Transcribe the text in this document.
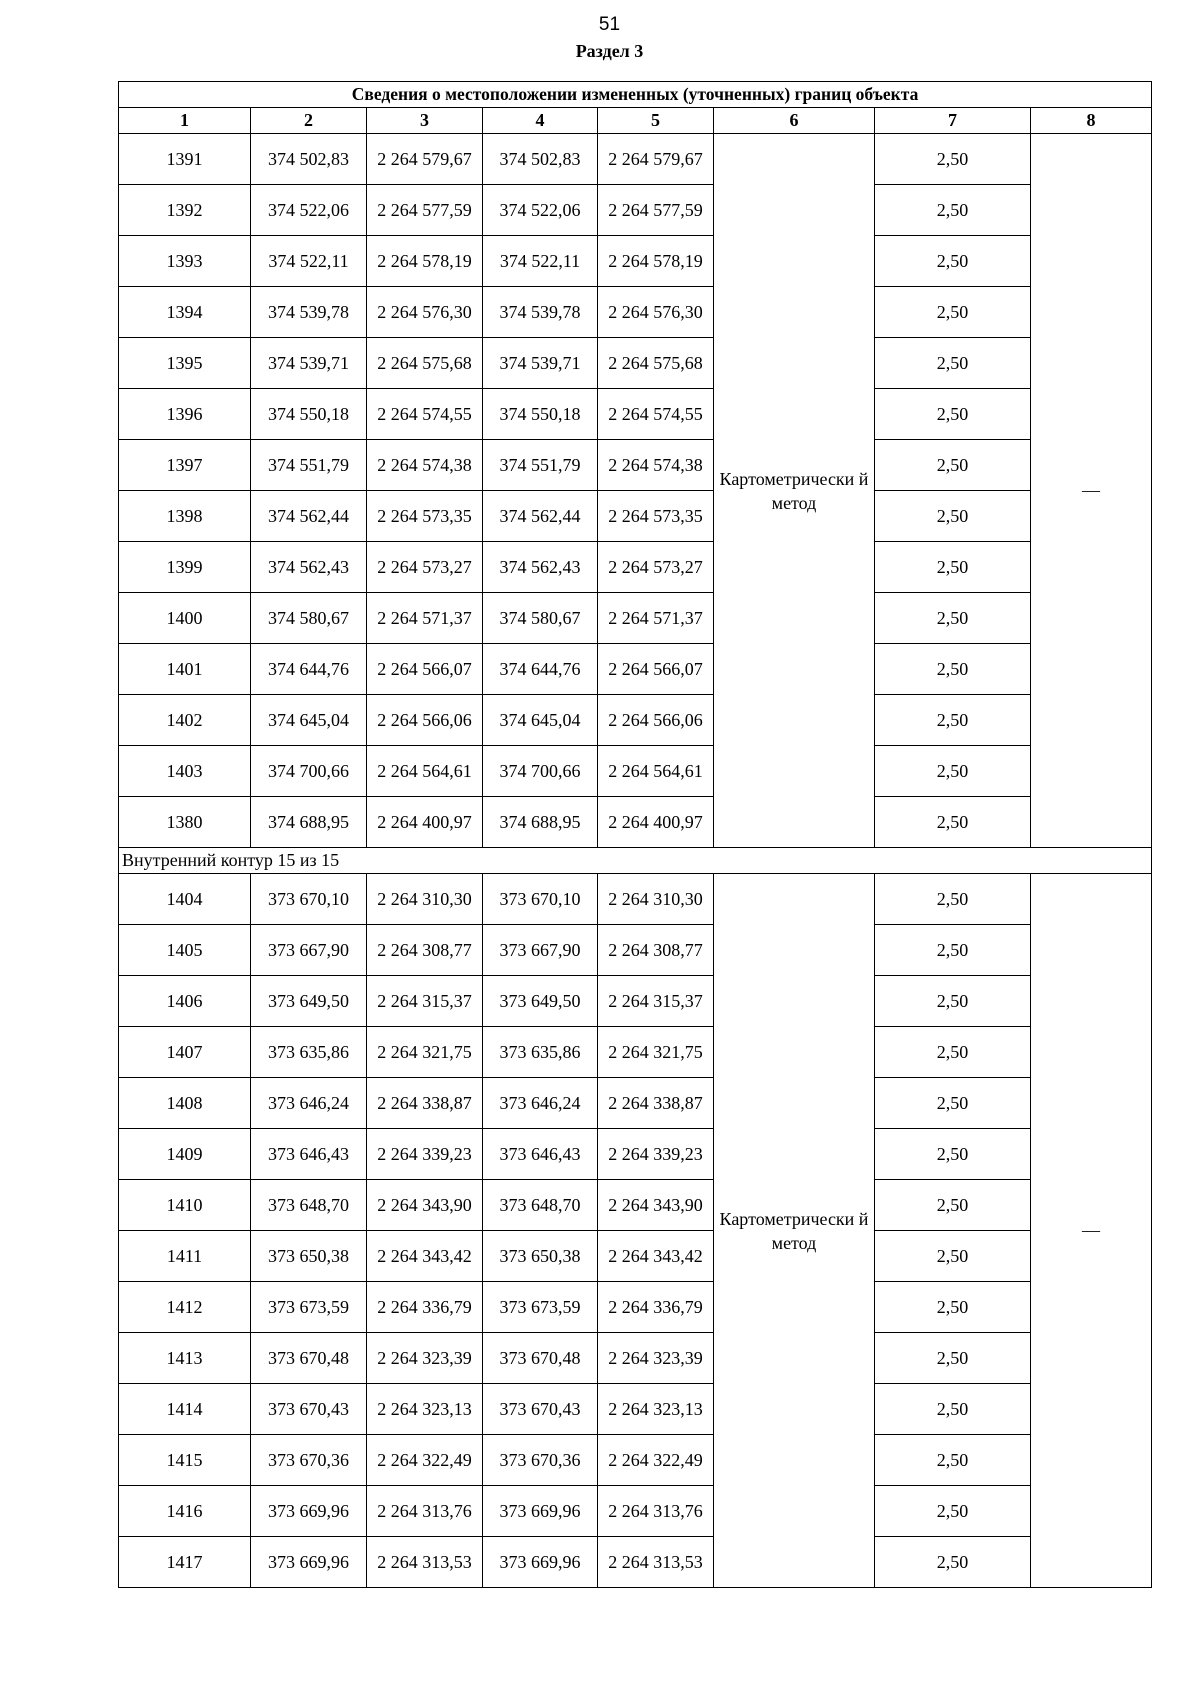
51
Раздел 3
Сведения о местоположении измененных (уточненных) границ объекта							
1	2	3	4	5	6	7	8
1391	374 502,83	2 264 579,67	374 502,83	2 264 579,67	Картометрически й метод	2,50	—
1392	374 522,06	2 264 577,59	374 522,06	2 264 577,59		2,50	
1393	374 522,11	2 264 578,19	374 522,11	2 264 578,19		2,50	
1394	374 539,78	2 264 576,30	374 539,78	2 264 576,30		2,50	
1395	374 539,71	2 264 575,68	374 539,71	2 264 575,68		2,50	
1396	374 550,18	2 264 574,55	374 550,18	2 264 574,55		2,50	
1397	374 551,79	2 264 574,38	374 551,79	2 264 574,38		2,50	
1398	374 562,44	2 264 573,35	374 562,44	2 264 573,35		2,50	
1399	374 562,43	2 264 573,27	374 562,43	2 264 573,27		2,50	
1400	374 580,67	2 264 571,37	374 580,67	2 264 571,37		2,50	
1401	374 644,76	2 264 566,07	374 644,76	2 264 566,07		2,50	
1402	374 645,04	2 264 566,06	374 645,04	2 264 566,06		2,50	
1403	374 700,66	2 264 564,61	374 700,66	2 264 564,61		2,50	
1380	374 688,95	2 264 400,97	374 688,95	2 264 400,97		2,50	
Внутренний контур 15 из 15							
1404	373 670,10	2 264 310,30	373 670,10	2 264 310,30	Картометрически й метод	2,50	—
1405	373 667,90	2 264 308,77	373 667,90	2 264 308,77		2,50	
1406	373 649,50	2 264 315,37	373 649,50	2 264 315,37		2,50	
1407	373 635,86	2 264 321,75	373 635,86	2 264 321,75		2,50	
1408	373 646,24	2 264 338,87	373 646,24	2 264 338,87		2,50	
1409	373 646,43	2 264 339,23	373 646,43	2 264 339,23		2,50	
1410	373 648,70	2 264 343,90	373 648,70	2 264 343,90		2,50	
1411	373 650,38	2 264 343,42	373 650,38	2 264 343,42		2,50	
1412	373 673,59	2 264 336,79	373 673,59	2 264 336,79		2,50	
1413	373 670,48	2 264 323,39	373 670,48	2 264 323,39		2,50	
1414	373 670,43	2 264 323,13	373 670,43	2 264 323,13		2,50	
1415	373 670,36	2 264 322,49	373 670,36	2 264 322,49		2,50	
1416	373 669,96	2 264 313,76	373 669,96	2 264 313,76		2,50	
1417	373 669,96	2 264 313,53	373 669,96	2 264 313,53		2,50	
